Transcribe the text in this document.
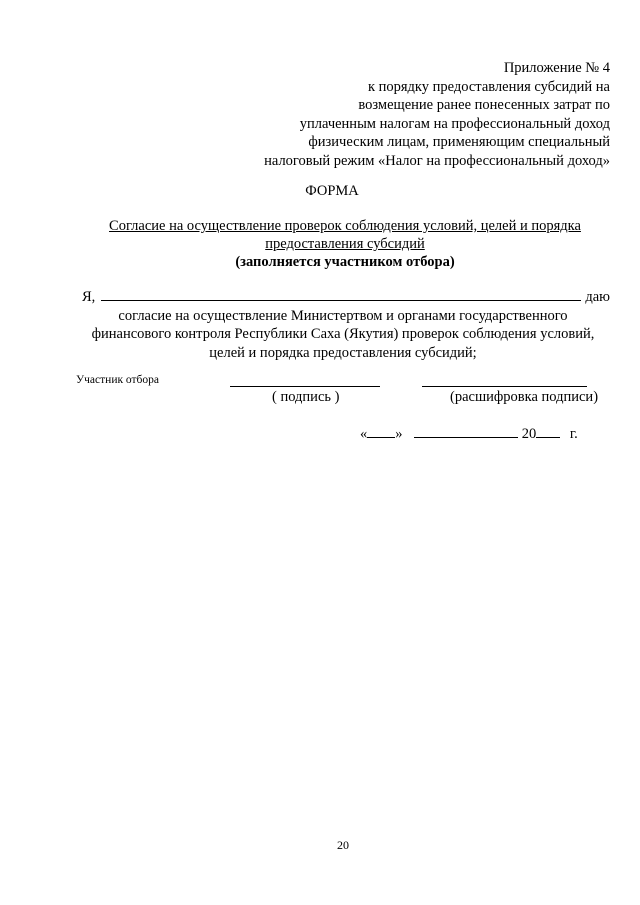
Приложение № 4
к порядку предоставления субсидий на
возмещение ранее понесенных затрат по
уплаченным налогам на профессиональный доход
физическим лицам, применяющим специальный
налоговый режим «Налог на профессиональный доход»
ФОРМА
Согласие на осуществление проверок соблюдения условий, целей и порядка
предоставления субсидий
(заполняется участником отбора)
Я,	даю
согласие на осуществление Министертвом и органами государственного
финансового контроля Республики Саха (Якутия) проверок соблюдения условий,
целей и порядка предоставления субсидий;
Участник отбора
( подпись )	(расшифровка подписи)
« »	20 г.
20
